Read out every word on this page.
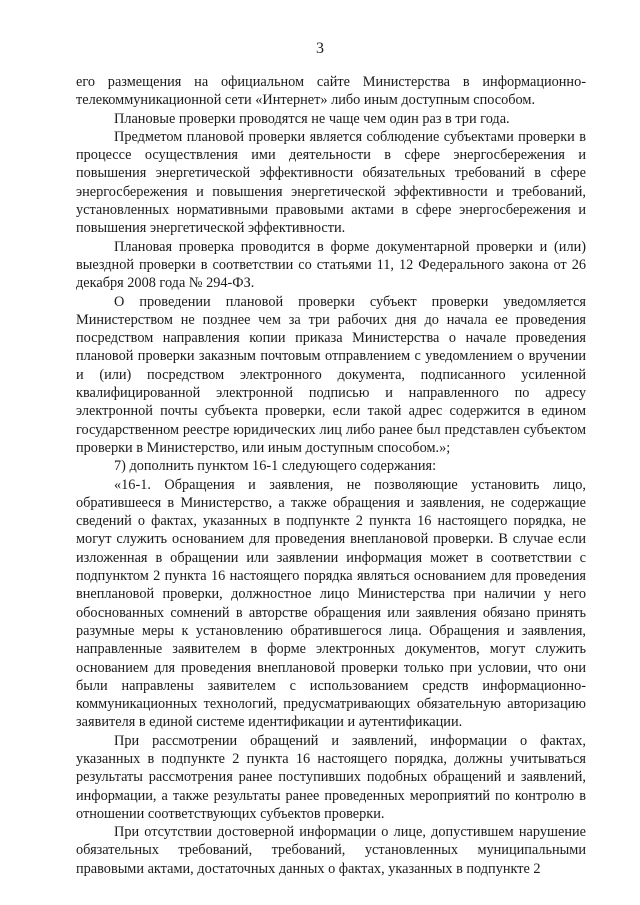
3

его размещения на официальном сайте Министерства в информационно-телекоммуникационной сети «Интернет» либо иным доступным способом.

Плановые проверки проводятся не чаще чем один раз в три года.

Предметом плановой проверки является соблюдение субъектами проверки в процессе осуществления ими деятельности в сфере энергосбережения и повышения энергетической эффективности обязательных требований в сфере энергосбережения и повышения энергетической эффективности и требований, установленных нормативными правовыми актами в сфере энергосбережения и повышения энергетической эффективности.

Плановая проверка проводится в форме документарной проверки и (или) выездной проверки в соответствии со статьями 11, 12 Федерального закона от 26 декабря 2008 года № 294-ФЗ.

О проведении плановой проверки субъект проверки уведомляется Министерством не позднее чем за три рабочих дня до начала ее проведения посредством направления копии приказа Министерства о начале проведения плановой проверки заказным почтовым отправлением с уведомлением о вручении и (или) посредством электронного документа, подписанного усиленной квалифицированной электронной подписью и направленного по адресу электронной почты субъекта проверки, если такой адрес содержится в едином государственном реестре юридических лиц либо ранее был представлен субъектом проверки в Министерство, или иным доступным способом.»;

7) дополнить пунктом 16-1 следующего содержания:

«16-1. Обращения и заявления, не позволяющие установить лицо, обратившееся в Министерство, а также обращения и заявления, не содержащие сведений о фактах, указанных в подпункте 2 пункта 16 настоящего порядка, не могут служить основанием для проведения внеплановой проверки. В случае если изложенная в обращении или заявлении информация может в соответствии с подпунктом 2 пункта 16 настоящего порядка являться основанием для проведения внеплановой проверки, должностное лицо Министерства при наличии у него обоснованных сомнений в авторстве обращения или заявления обязано принять разумные меры к установлению обратившегося лица. Обращения и заявления, направленные заявителем в форме электронных документов, могут служить основанием для проведения внеплановой проверки только при условии, что они были направлены заявителем с использованием средств информационно-коммуникационных технологий, предусматривающих обязательную авторизацию заявителя в единой системе идентификации и аутентификации.

При рассмотрении обращений и заявлений, информации о фактах, указанных в подпункте 2 пункта 16 настоящего порядка, должны учитываться результаты рассмотрения ранее поступивших подобных обращений и заявлений, информации, а также результаты ранее проведенных мероприятий по контролю в отношении соответствующих субъектов проверки.

При отсутствии достоверной информации о лице, допустившем нарушение обязательных требований, требований, установленных муниципальными правовыми актами, достаточных данных о фактах, указанных в подпункте 2
